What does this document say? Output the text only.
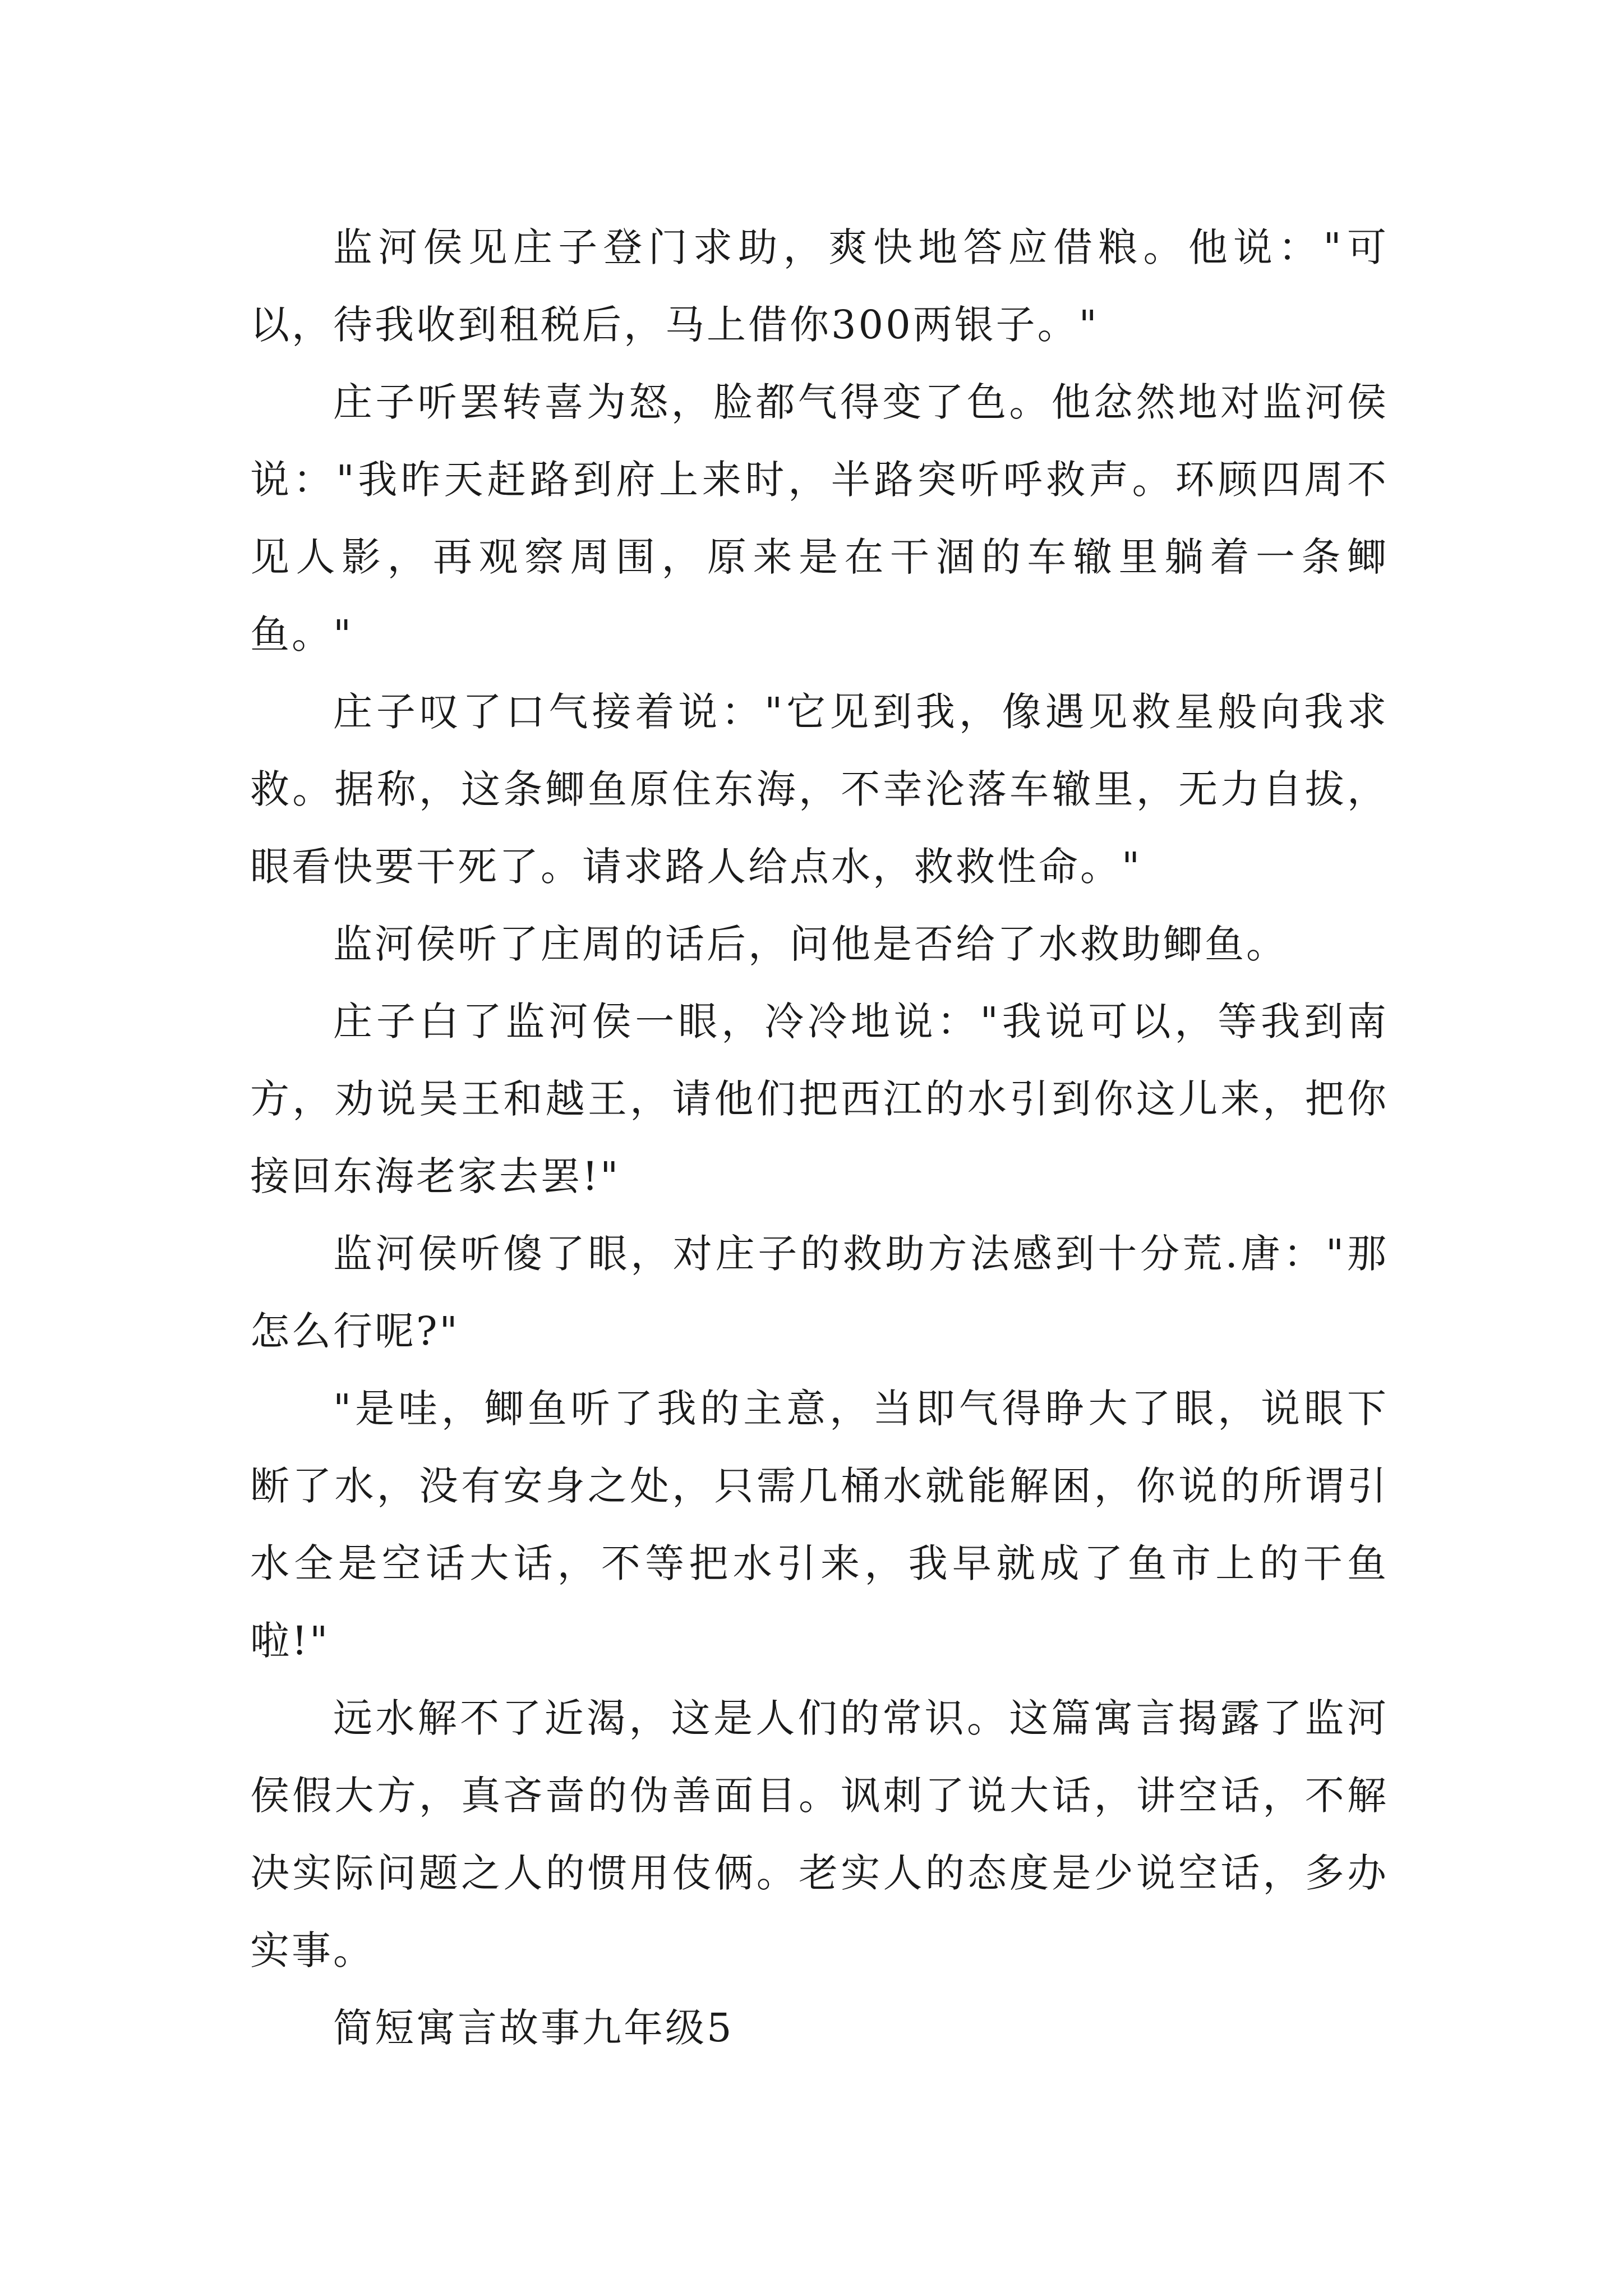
监河侯见庄子登门求助，爽快地答应借粮。他说："可以，待我收到租税后，马上借你300两银子。"

庄子听罢转喜为怒，脸都气得变了色。他忿然地对监河侯说："我昨天赶路到府上来时，半路突听呼救声。环顾四周不见人影，再观察周围，原来是在干涸的车辙里躺着一条鲫鱼。"

庄子叹了口气接着说："它见到我，像遇见救星般向我求救。据称，这条鲫鱼原住东海，不幸沦落车辙里，无力自拔，眼看快要干死了。请求路人给点水，救救性命。"

监河侯听了庄周的话后，问他是否给了水救助鲫鱼。

庄子白了监河侯一眼，冷冷地说："我说可以，等我到南方，劝说吴王和越王，请他们把西江的水引到你这儿来，把你接回东海老家去罢!"

监河侯听傻了眼，对庄子的救助方法感到十分荒.唐："那怎么行呢?"

"是哇，鲫鱼听了我的主意，当即气得睁大了眼，说眼下断了水，没有安身之处，只需几桶水就能解困，你说的所谓引水全是空话大话，不等把水引来，我早就成了鱼市上的干鱼啦!"

远水解不了近渴，这是人们的常识。这篇寓言揭露了监河侯假大方，真吝啬的伪善面目。讽刺了说大话，讲空话，不解决实际问题之人的惯用伎俩。老实人的态度是少说空话，多办实事。

简短寓言故事九年级5
